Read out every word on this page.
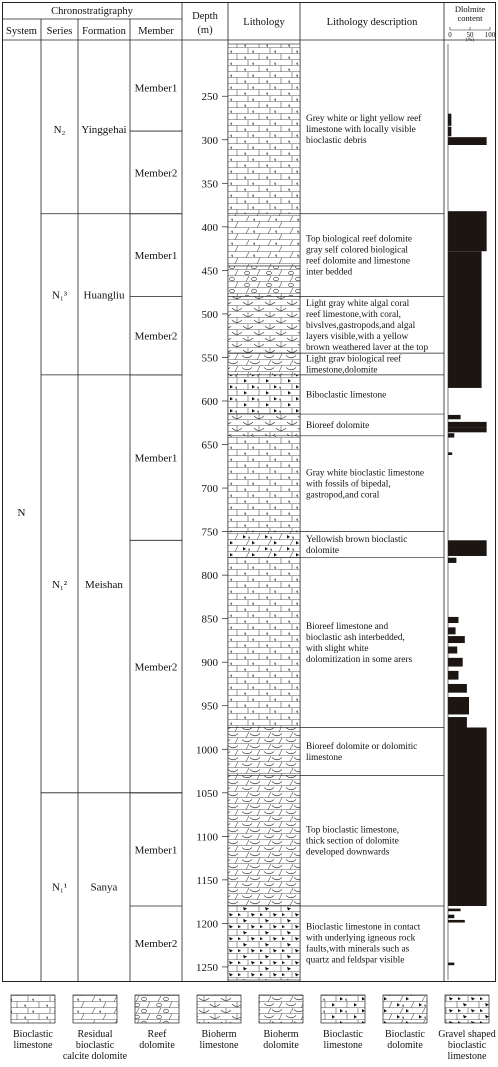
Chronostratigraphy
System Series Formation Member
Depth
(m)
Lithology	Lithology description
Dlolmite
content
0 50 100
(%)
N
N₂
N₁³
N₁²
N₁¹
Yinggehai
Huangliu
Meishan
Sanya
Member1
Member2
Member1
Member2
Member1
Member2
Member1
Member2
250
300
350
400
450
500
550
600
650
700
750
800
850
900
950
1000
1050
1100
1150
1200
1250
Grey white or light yellow reef limestone with locally visible bioclastic debris
Top biological reef dolomite gray self colored biological reef dolomite and limestone inter bedded
Light gray white algal coral reef limestone,with coral, bivslves,gastropods,and algal layers visible,with a yellow brown weathered laver at the top
Light grav biological reef limestone,dolomite
Biboclastic limestone
Bioreef dolomite
Gray white bioclastic limestone with fossils of bipedal, gastropod,and coral
Yellowish brown bioclastic dolomite
Bioreef limestone and bioclastic ash interbedded, with slight white dolomitization in some arers
Bioreef dolomite or dolomitic limestone
Top bioclastic limestone, thick section of dolomite developed downwards
Bioclastic limestone in contact with underlying igneous rock faults,with minerals such as quartz and feldspar visible
Bioclastic limestone
Residual bioclastic calcite dolomite
Reef dolomite
Bioherm limestone
Bioherm dolomite
Bioclastic limestone
Bioclastic dolomite
Gravel shaped bioclastic limestone
